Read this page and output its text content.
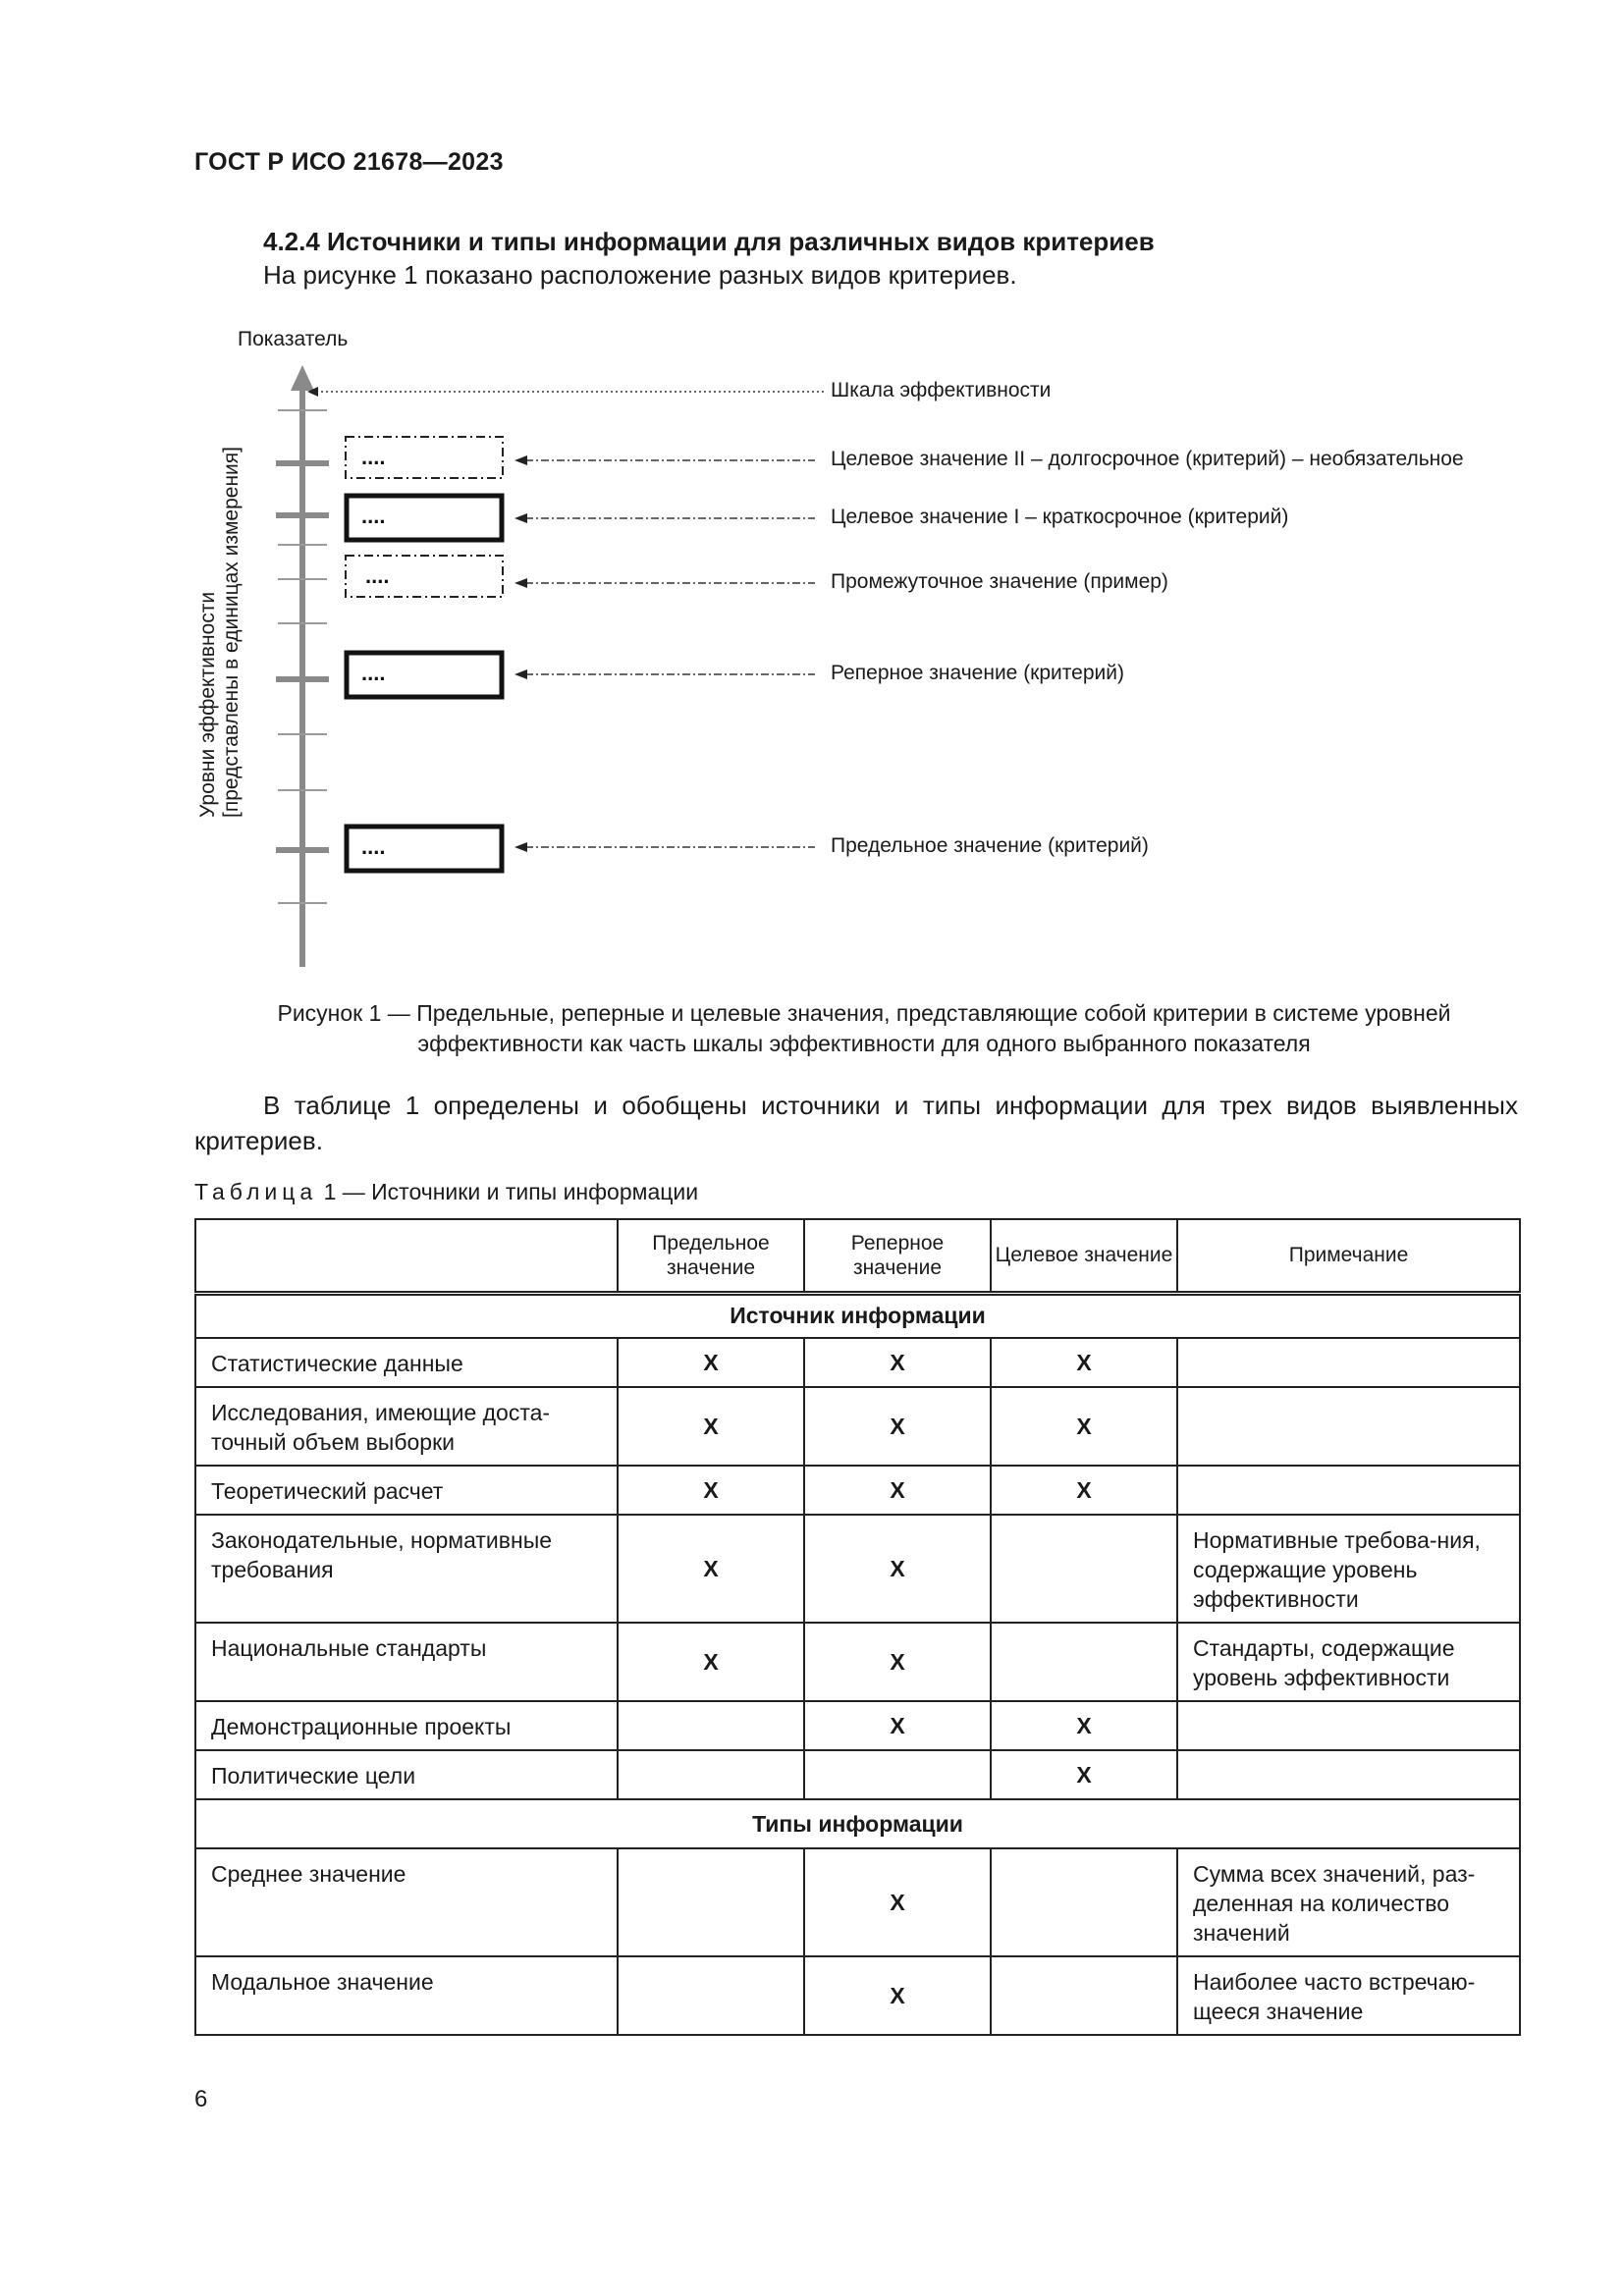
ГОСТ Р ИСО 21678—2023
4.2.4 Источники и типы информации для различных видов критериев
На рисунке 1 показано расположение разных видов критериев.
Показатель
Уровни эффективности [представлены в единицах измерения]	....
....
....
....
....
Шкала эффективности
Целевое значение II – долгосрочное (критерий) – необязательное
Целевое значение I – краткосрочное (критерий)
Промежуточное значение (пример)
Реперное значение (критерий)
Предельное значение (критерий)
Рисунок 1 — Предельные, реперные и целевые значения, представляющие собой критерии в системе уровней
эффективности как часть шкалы эффективности для одного выбранного показателя
В таблице 1 определены и обобщены источники и типы информации для трех видов выявленных критериев.
Таблица 1 — Источники и типы информации
	Предельное значение	Реперное значение	Целевое значение	Примечание
Источник информации				
Статистические данные	X	X	X	
Исследования, имеющие доста-точный объем выборки	X	X	X	
Теоретический расчет	X	X	X	
Законодательные, нормативные требования	X	X		Нормативные требова-ния, содержащие уровень эффективности
Национальные стандарты	X	X		Стандарты, содержащие уровень эффективности
Демонстрационные проекты		X	X	
Политические цели			X	
Типы информации				
Среднее значение		X		Сумма всех значений, раз-деленная на количество значений
Модальное значение		X		Наиболее часто встречаю-щееся значение
6
